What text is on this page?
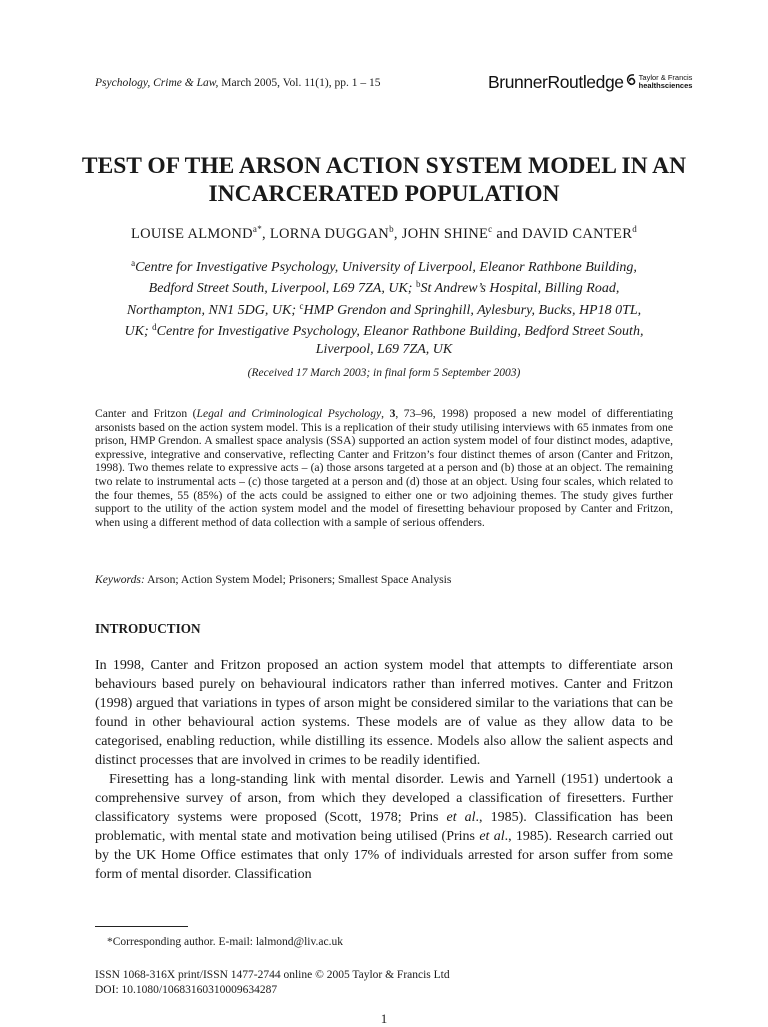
Psychology, Crime & Law, March 2005, Vol. 11(1), pp. 1 – 15	BrunnerRoutledge Taylor & Francis
healthsciences
TEST OF THE ARSON ACTION SYSTEM MODEL IN AN
INCARCERATED POPULATION
LOUISE $ALMOND^{a*}$, LORNA DUGGAN$^b$, JOHN SHINE$^c$ and DAVID CANTER$^d$
$^a$Centre for Investigative Psychology, University of Liverpool, Eleanor Rathbone Building,
Bedford Street South, Liverpool, L69 7ZA, UK; $^b$St Andrew’s Hospital, Billing Road,
Northampton, NN1 5DG, UK; $^c$HMP Grendon and Springhill, Aylesbury, Bucks, HP18 0TL,
UK; $^d$Centre for Investigative Psychology, Eleanor Rathbone Building, Bedford Street South,
Liverpool, L69 7ZA, UK
(Received 17 March 2003; in final form 5 September 2003)

Canter and Fritzon (Legal and Criminological Psychology, 3, 73–96, 1998) proposed a new model of differentiating arsonists based on the action system model. This is a replication of their study utilising interviews with 65 inmates from one prison, HMP Grendon. A smallest space analysis (SSA) supported an action system model of four distinct modes, adaptive, expressive, integrative and conservative, reflecting Canter and Fritzon’s four distinct themes of arson (Canter and Fritzon, 1998). Two themes relate to expressive acts – (a) those arsons targeted at a person and (b) those at an object. The remaining two relate to instrumental acts – (c) those targeted at a person and (d) those at an object. Using four scales, which related to the four themes, 55 (85%) of the acts could be assigned to either one or two adjoining themes. The study gives further support to the utility of the action system model and the model of firesetting behaviour proposed by Canter and Fritzon, when using a different method of data collection with a sample of serious offenders.

Keywords: Arson; Action System Model; Prisoners; Smallest Space Analysis
INTRODUCTION

In 1998, Canter and Fritzon proposed an action system model that attempts to differentiate arson behaviours based purely on behavioural indicators rather than inferred motives. Canter and Fritzon (1998) argued that variations in types of arson might be considered similar to the variations that can be found in other behavioural action systems. These models are of value as they allow data to be categorised, enabling reduction, while distilling its essence. Models also allow the salient aspects and distinct processes that are involved in crimes to be readily identified.

Firesetting has a long-standing link with mental disorder. Lewis and Yarnell (1951) undertook a comprehensive survey of arson, from which they developed a classification of firesetters. Further classificatory systems were proposed (Scott, 1978; Prins et al., 1985). Classification has been problematic, with mental state and motivation being utilised (Prins et al., 1985). Research carried out by the UK Home Office estimates that only 17% of individuals arrested for arson suffer from some form of mental disorder. Classification

*Corresponding author. E-mail: lalmond@liv.ac.uk
ISSN 1068-316X print/ISSN 1477-2744 online © 2005 Taylor & Francis Ltd
DOI: 10.1080/10683160310009634287
1
